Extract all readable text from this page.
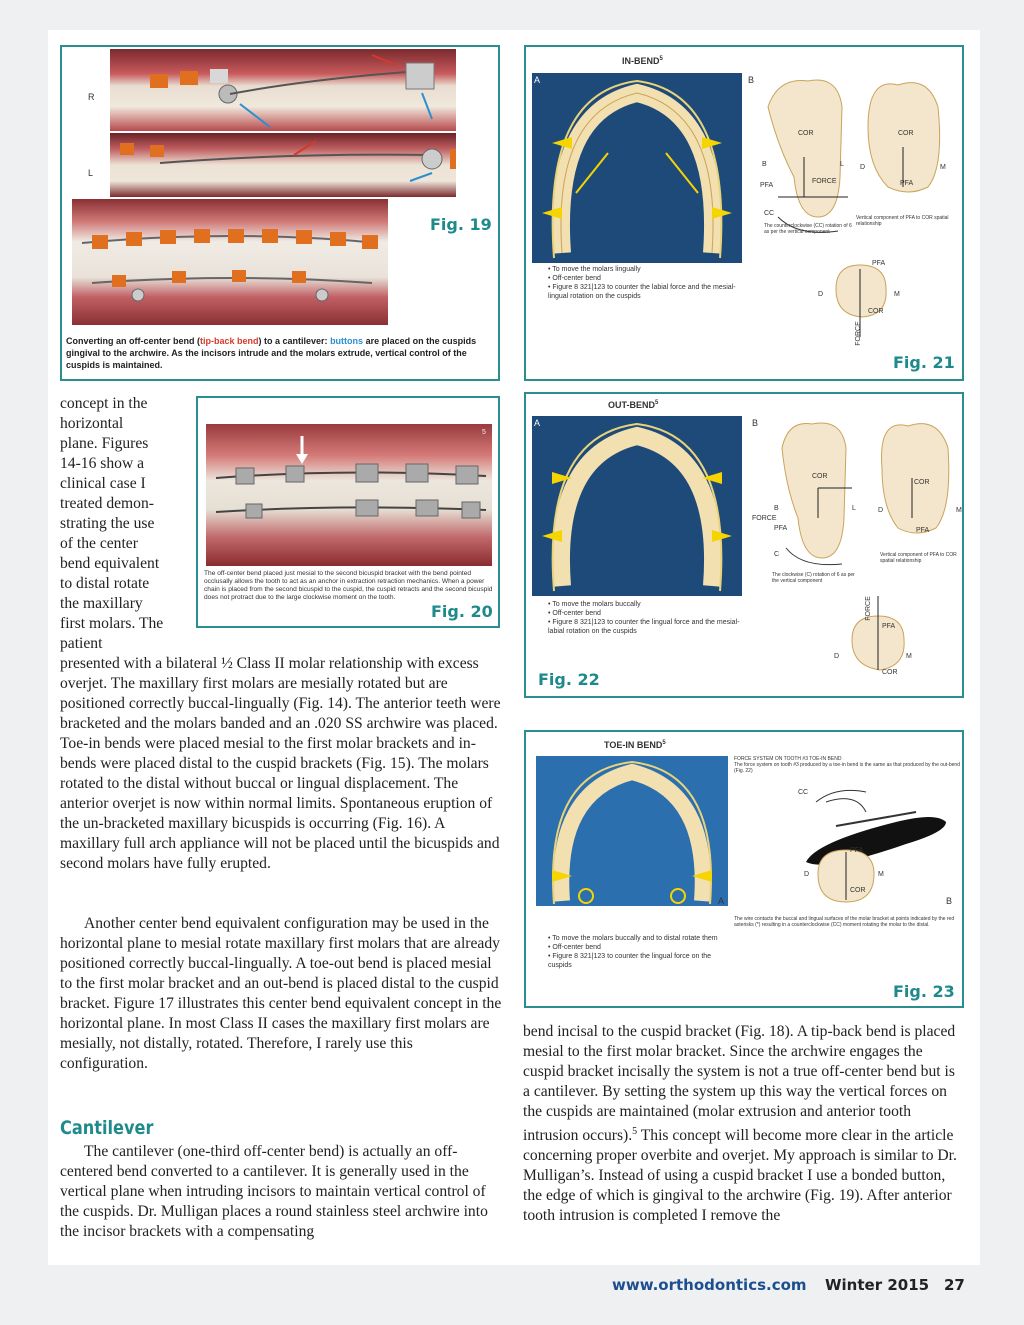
R
L
Fig. 19
Converting an off-center bend (tip-back bend) to a cantilever: buttons are placed on the cuspids gingival to the archwire. As the incisors intrude and the molars extrude, vertical control of the cuspids is maintained.
IN-BEND$^5$
A	B
COR	COR
B	L D	M
PFA	PFA
FORCE
CC
The counterclockwise (CC) rotation of 6 as per the vertical component
Vertical component of PFA to COR spatial relationship
• To move the molars lingually
• Off-center bend
• Figure 8 321|123 to counter the labial force and the mesial-lingual rotation on the cuspids
PFA
D	M
COR
FORCE
Fig. 21
5
The off-center bend placed just mesial to the second bicuspid bracket with the bend pointed occlusally allows the tooth to act as an anchor in extraction retraction mechanics. When a power chain is placed from the second bicuspid to the cuspid, the cuspid retracts and the second bicuspid does not protract due to the large clockwise moment on the tooth.
Fig. 20
OUT-BEND$^5$
A	B
COR
COR
B	L	D	M
FORCE
PFA	PFA
C
The clockwise (C) rotation of 6 as per the vertical component
Vertical component of PFA to COR spatial relationship
• To move the molars buccally
• Off-center bend
• Figure 8 321|123 to counter the lingual force and the mesial-labial rotation on the cuspids
FORCE
PFA
D	M
COR
Fig. 22
TOE-IN BEND$^5$
A
FORCE SYSTEM ON TOOTH #3 TOE-IN BEND
The force system on tooth #3 produced by a toe-in bend is the same as that produced by the out-bend (Fig. 22)
CC
PFA
D	M
COR
B
The wire contacts the buccal and lingual surfaces of the molar bracket at points indicated by the red asterisks (*) resulting in a counterclockwise (CC) moment rotating the molar to the distal.
• To move the molars buccally and to distal rotate them
• Off-center bend
• Figure 8 321|123 to counter the lingual force on the cuspids
Fig. 23
concept in the
horizontal
plane. Figures
14-16 show a
clinical case I
treated demon-
strating the use
of the center
bend equivalent
to distal rotate
the maxillary
first molars. The
patient

presented with a bilateral ½ Class II molar relationship with excess overjet. The maxillary first molars are mesially rotated but are positioned correctly buccal-lingually (Fig. 14). The anterior teeth were bracketed and the molars banded and an .020 SS archwire was placed. Toe-in bends were placed mesial to the first molar brackets and in-bends were placed distal to the cuspid brackets (Fig. 15). The molars rotated to the distal without buccal or lingual displacement. The anterior overjet is now within normal limits. Spontaneous eruption of the un-bracketed maxillary bicuspids is occurring (Fig. 16). A maxillary full arch appliance will not be placed until the bicuspids and second molars have fully erupted.

Another center bend equivalent configuration may be used in the horizontal plane to mesial rotate maxillary first molars that are already positioned correctly buccal-lingually. A toe-out bend is placed mesial to the first molar bracket and an out-bend is placed distal to the cuspid bracket. Figure 17 illustrates this center bend equivalent concept in the horizontal plane. In most Class II cases the maxillary first molars are mesially, not distally, rotated. Therefore, I rarely use this configuration.

Cantilever

The cantilever (one-third off-center bend) is actually an off-centered bend converted to a cantilever. It is generally used in the vertical plane when intruding incisors to maintain vertical control of the cuspids. Dr. Mulligan places a round stainless steel archwire into the incisor brackets with a compensating

bend incisal to the cuspid bracket (Fig. 18). A tip-back bend is placed mesial to the first molar bracket. Since the archwire engages the cuspid bracket incisally the system is not a true off-center bend but is a cantilever. By setting the system up this way the vertical forces on the cuspids are maintained (molar extrusion and anterior tooth intrusion occurs).$^5$ This concept will become more clear in the article concerning proper overbite and overjet. My approach is similar to Dr. Mulligan’s. Instead of using a cuspid bracket I use a bonded button, the edge of which is gingival to the archwire (Fig. 19). After anterior tooth intrusion is completed I remove the

www.orthodontics.com Winter 2015 27
